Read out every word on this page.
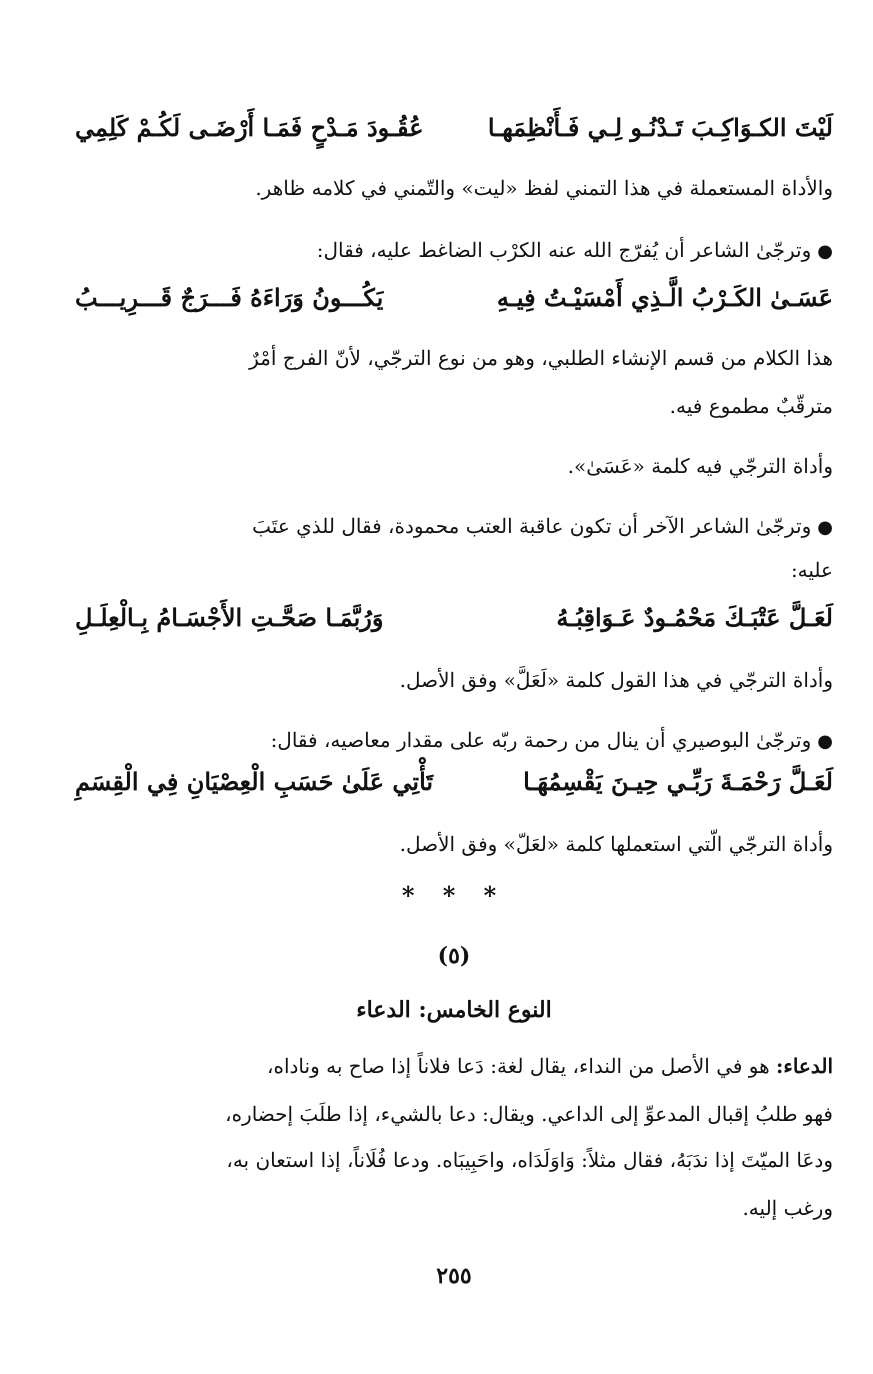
لَيْتَ الكـوَاكِـبَ تَـدْنُـو لِـي فَـأَنْظِمَهـا
عُقُـودَ مَـدْحٍ فَمَـا أَرْضَـى لَكُـمْ كَلِمِي
والأداة المستعملة في هذا التمني لفظ «ليت» والتّمني في كلامه ظاهر.
●وترجّىٰ الشاعر أن يُفرّج الله عنه الكرْب الضاغط عليه، فقال:
عَسَـىٰ الكَـرْبُ الَّـذِي أَمْسَيْـتُ فِيـهِ
يَكُـــونُ وَرَاءَهُ فَـــرَجٌ قَـــرِيـــبُ
هذا الكلام من قسم الإنشاء الطلبي، وهو من نوع الترجّي، لأنّ الفرج أمْرٌ
مترقّبٌ مطموع فيه.
وأداة الترجّي فيه كلمة «عَسَىٰ».
●وترجّىٰ الشاعر الآخر أن تكون عاقبة العتب محمودة، فقال للذي عتَبَ
عليه:
لَعَـلَّ عَتْبَـكَ مَحْمُـودٌ عَـوَاقِبُـهُ
وَرُبَّمَـا صَحَّـتِ الأَجْسَـامُ بِـالْعِلَـلِ
وأداة الترجّي في هذا القول كلمة «لَعَلَّ» وفق الأصل.
●وترجّىٰ البوصيري أن ينال من رحمة ربّه على مقدار معاصيه، فقال:
لَعَـلَّ رَحْمَـةَ رَبِّـي حِيـنَ يَقْسِمُهَـا
تَأْتِي عَلَىٰ حَسَبِ الْعِصْيَانِ فِي الْقِسَمِ
وأداة الترجّي الّتي استعملها كلمة «لعَلّ» وفق الأصل.
* * *
(٥)
النوع الخامس: الدعاء
الدعاء: هو في الأصل من النداء، يقال لغة: دَعا فلاناً إذا صاح به وناداه،
فهو طلبُ إقبال المدعوِّ إلى الداعي. ويقال: دعا بالشيء، إذا طلَبَ إحضاره،
ودعَا الميّتَ إذا ندَبَهُ، فقال مثلاً: وَاوَلَدَاه، واحَبِيبَاه. ودعا فُلَاناً، إذا استعان به،
ورغب إليه.
٢٥٥
